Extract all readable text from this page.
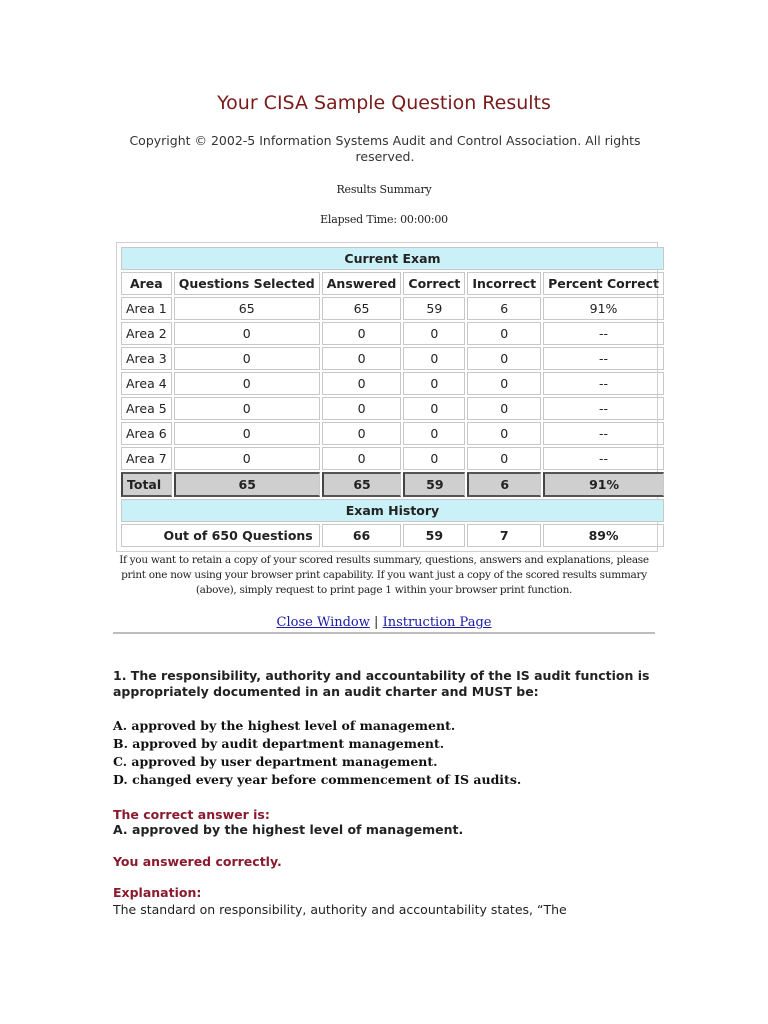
Your CISA Sample Question Results
Copyright © 2002-5 Information Systems Audit and Control Association. All rights reserved.
Results Summary
Elapsed Time: 00:00:00
Current Exam					
Area	Questions Selected	Answered	Correct	Incorrect	Percent Correct
Area 1	65	65	59	6	91%
Area 2	0	0	0	0	--
Area 3	0	0	0	0	--
Area 4	0	0	0	0	--
Area 5	0	0	0	0	--
Area 6	0	0	0	0	--
Area 7	0	0	0	0	--
Total	65	65	59	6	91%
Exam History					
Out of 650 Questions		66	59	7	89%
If you want to retain a copy of your scored results summary, questions, answers and explanations, please print one now using your browser print capability. If you want just a copy of the scored results summary (above), simply request to print page 1 within your browser print function.
Close Window | Instruction Page
1. The responsibility, authority and accountability of the IS audit function is appropriately documented in an audit charter and MUST be:
A. approved by the highest level of management.
B. approved by audit department management.
C. approved by user department management.
D. changed every year before commencement of IS audits.
The correct answer is:
A. approved by the highest level of management.
You answered correctly.
Explanation:
The standard on responsibility, authority and accountability states, “The
